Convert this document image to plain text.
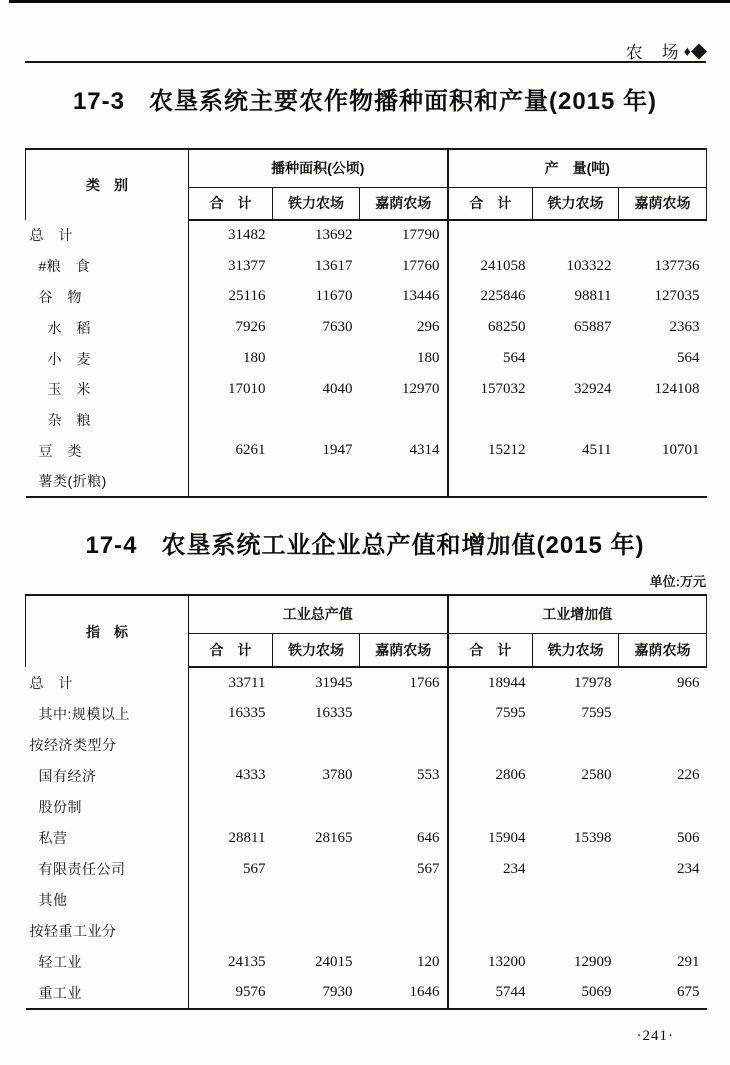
农　场 ♦ ◆
17-3 农垦系统主要农作物播种面积和产量(2015 年)
类　别	播种面积(公顷)			产　量(吨)		
	合　计	铁力农场	嘉荫农场	合　计	铁力农场	嘉荫农场
总　计	31482	13692	17790			
#粮　食	31377	13617	17760	241058	103322	137736
谷　物	25116	11670	13446	225846	98811	127035
水　稻	7926	7630	296	68250	65887	2363
小　麦	180		180	564		564
玉　米	17010	4040	12970	157032	32924	124108
杂　粮						
豆　类	6261	1947	4314	15212	4511	10701
薯类(折粮)						
17-4 农垦系统工业企业总产值和增加值(2015 年)
单位:万元
指　标	工业总产值			工业增加值		
	合　计	铁力农场	嘉荫农场	合　计	铁力农场	嘉荫农场
总　计	33711	31945	1766	18944	17978	966
其中:规模以上	16335	16335		7595	7595	
按经济类型分						
国有经济	4333	3780	553	2806	2580	226
股份制						
私营	28811	28165	646	15904	15398	506
有限责任公司	567		567	234		234
其他						
按轻重工业分						
轻工业	24135	24015	120	13200	12909	291
重工业	9576	7930	1646	5744	5069	675
·241·
